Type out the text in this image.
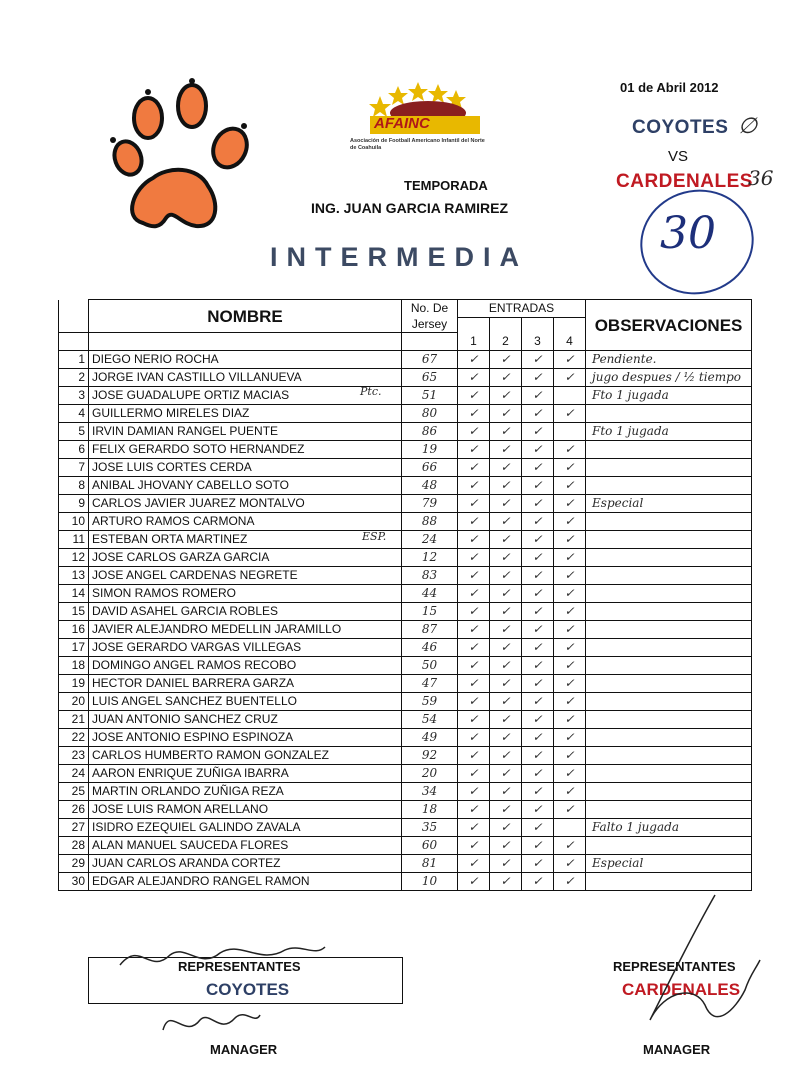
AFAINC
Asociación de Football Americano Infantil del Norte de Coahuila
01 de Abril 2012
COYOTES ∅
VS
CARDENALES
36
30
TEMPORADA
ING. JUAN GARCIA RAMIREZ
INTERMEDIA
Ptc.
ESP.
	NOMBRE	No. De Jersey	ENTRADAS				OBSERVACIONES
			1	2	3	4	

1	DIEGO NERIO ROCHA	67	✓	✓	✓	✓	Pendiente.
2	JORGE IVAN CASTILLO VILLANUEVA	65	✓	✓	✓	✓	jugo despues / ½ tiempo
3	JOSE GUADALUPE ORTIZ MACIAS	51	✓	✓	✓		Fto 1 jugada
4	GUILLERMO MIRELES DIAZ	80	✓	✓	✓	✓	
5	IRVIN DAMIAN RANGEL PUENTE	86	✓	✓	✓		Fto 1 jugada
6	FELIX GERARDO SOTO HERNANDEZ	19	✓	✓	✓	✓	
7	JOSE LUIS CORTES CERDA	66	✓	✓	✓	✓	
8	ANIBAL JHOVANY CABELLO SOTO	48	✓	✓	✓	✓	
9	CARLOS JAVIER JUAREZ MONTALVO	79	✓	✓	✓	✓	Especial
10	ARTURO RAMOS CARMONA	88	✓	✓	✓	✓	
11	ESTEBAN ORTA MARTINEZ	24	✓	✓	✓	✓	
12	JOSE CARLOS GARZA GARCIA	12	✓	✓	✓	✓	
13	JOSE ANGEL CARDENAS NEGRETE	83	✓	✓	✓	✓	
14	SIMON RAMOS ROMERO	44	✓	✓	✓	✓	
15	DAVID ASAHEL GARCIA ROBLES	15	✓	✓	✓	✓	
16	JAVIER ALEJANDRO MEDELLIN JARAMILLO	87	✓	✓	✓	✓	
17	JOSE GERARDO VARGAS VILLEGAS	46	✓	✓	✓	✓	
18	DOMINGO ANGEL RAMOS RECOBO	50	✓	✓	✓	✓	
19	HECTOR DANIEL BARRERA GARZA	47	✓	✓	✓	✓	
20	LUIS ANGEL SANCHEZ BUENTELLO	59	✓	✓	✓	✓	
21	JUAN ANTONIO SANCHEZ CRUZ	54	✓	✓	✓	✓	
22	JOSE ANTONIO ESPINO ESPINOZA	49	✓	✓	✓	✓	
23	CARLOS HUMBERTO RAMON GONZALEZ	92	✓	✓	✓	✓	
24	AARON ENRIQUE ZUÑIGA IBARRA	20	✓	✓	✓	✓	
25	MARTIN ORLANDO ZUÑIGA REZA	34	✓	✓	✓	✓	
26	JOSE LUIS RAMON ARELLANO	18	✓	✓	✓	✓	
27	ISIDRO EZEQUIEL GALINDO ZAVALA	35	✓	✓	✓		Falto 1 jugada
28	ALAN MANUEL SAUCEDA FLORES	60	✓	✓	✓	✓	
29	JUAN CARLOS ARANDA CORTEZ	81	✓	✓	✓	✓	Especial
30	EDGAR ALEJANDRO RANGEL RAMON	10	✓	✓	✓	✓	
REPRESENTANTES
COYOTES
REPRESENTANTES
CARDENALES
MANAGER	MANAGER
